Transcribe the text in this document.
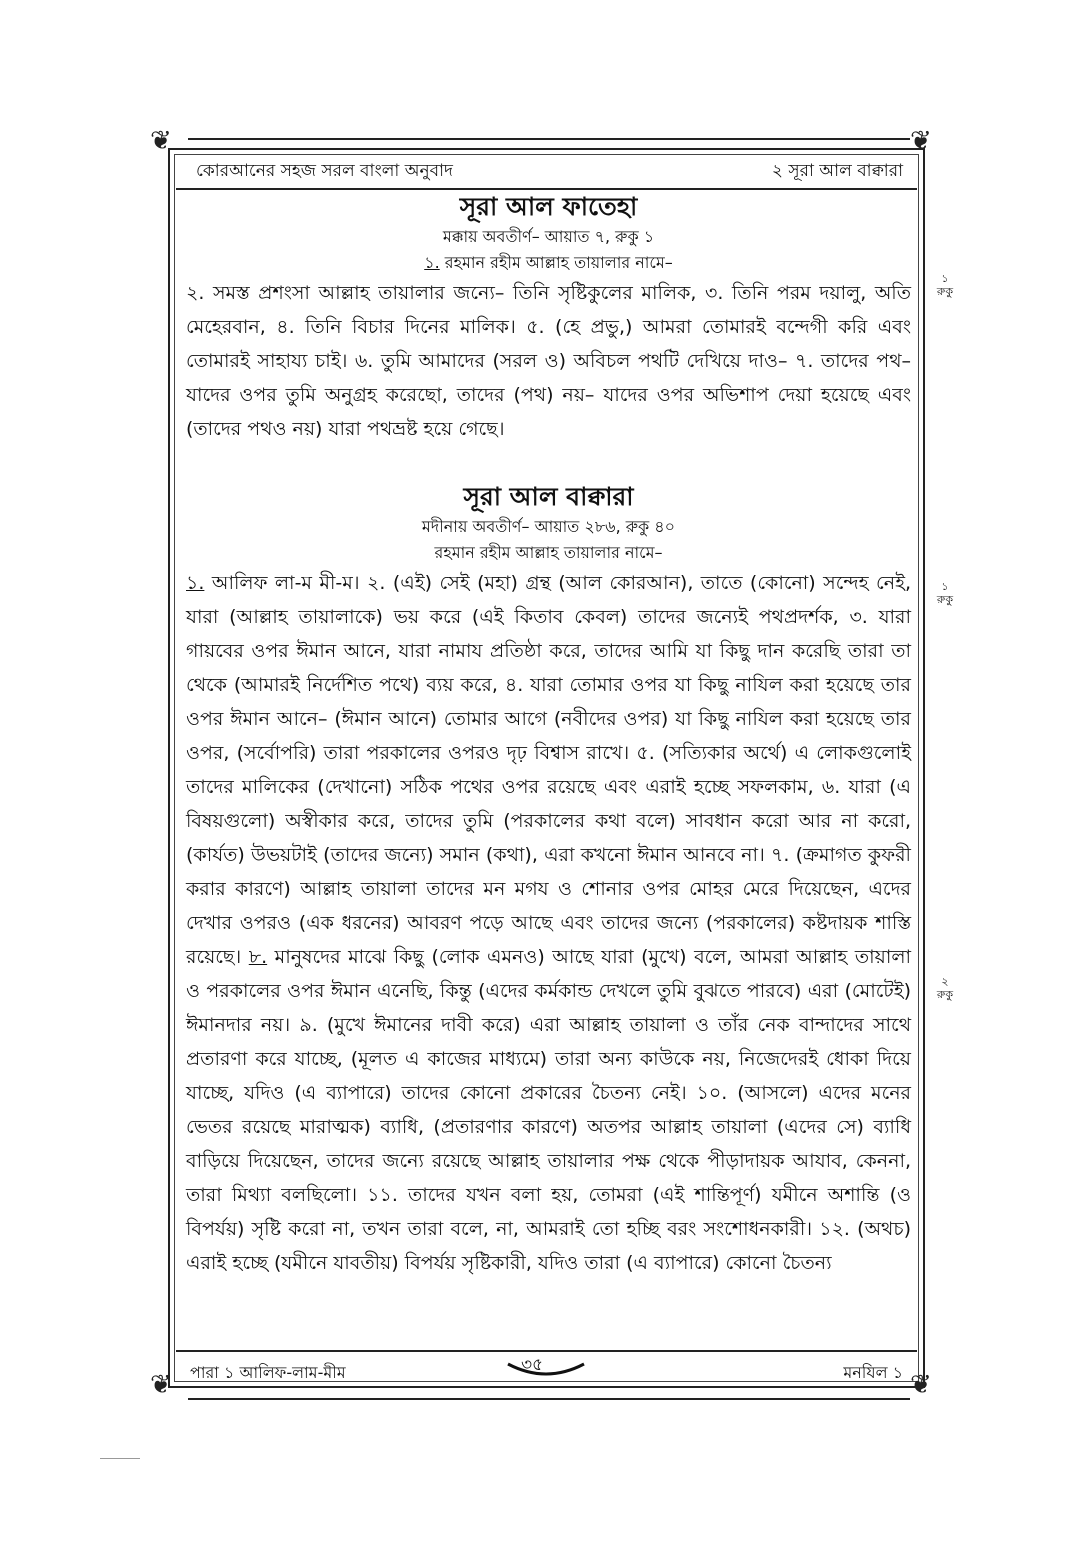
❦	❦
❦	❦
কোরআনের সহজ সরল বাংলা অনুবাদ	২ সূরা আল বাক্বারা

সূরা আল ফাতেহা

মক্কায় অবতীর্ণ– আয়াত ৭, রুকু ১

১. রহমান রহীম আল্লাহ তায়ালার নামে–

২. সমস্ত প্রশংসা আল্লাহ তায়ালার জন্যে– তিনি সৃষ্টিকুলের মালিক, ৩. তিনি পরম দয়ালু, অতি মেহেরবান, ৪. তিনি বিচার দিনের মালিক। ৫. (হে প্রভু,) আমরা তোমারই বন্দেগী করি এবং তোমারই সাহায্য চাই। ৬. তুমি আমাদের (সরল ও) অবিচল পথটি দেখিয়ে দাও– ৭. তাদের পথ– যাদের ওপর তুমি অনুগ্রহ করেছো, তাদের (পথ) নয়– যাদের ওপর অভিশাপ দেয়া হয়েছে এবং (তাদের পথও নয়) যারা পথভ্রষ্ট হয়ে গেছে।

সূরা আল বাক্বারা

মদীনায় অবতীর্ণ– আয়াত ২৮৬, রুকু ৪০

রহমান রহীম আল্লাহ তায়ালার নামে–

১. আলিফ লা-ম মী-ম। ২. (এই) সেই (মহা) গ্রন্থ (আল কোরআন), তাতে (কোনো) সন্দেহ নেই, যারা (আল্লাহ তায়ালাকে) ভয় করে (এই কিতাব কেবল) তাদের জন্যেই পথপ্রদর্শক, ৩. যারা গায়বের ওপর ঈমান আনে, যারা নামায প্রতিষ্ঠা করে, তাদের আমি যা কিছু দান করেছি তারা তা থেকে (আমারই নির্দেশিত পথে) ব্যয় করে, ৪. যারা তোমার ওপর যা কিছু নাযিল করা হয়েছে তার ওপর ঈমান আনে– (ঈমান আনে) তোমার আগে (নবীদের ওপর) যা কিছু নাযিল করা হয়েছে তার ওপর, (সর্বোপরি) তারা পরকালের ওপরও দৃঢ় বিশ্বাস রাখে। ৫. (সত্যিকার অর্থে) এ লোকগুলোই তাদের মালিকের (দেখানো) সঠিক পথের ওপর রয়েছে এবং এরাই হচ্ছে সফলকাম, ৬. যারা (এ বিষয়গুলো) অস্বীকার করে, তাদের তুমি (পরকালের কথা বলে) সাবধান করো আর না করো, (কার্যত) উভয়টাই (তাদের জন্যে) সমান (কথা), এরা কখনো ঈমান আনবে না। ৭. (ক্রমাগত কুফরী করার কারণে) আল্লাহ তায়ালা তাদের মন মগয ও শোনার ওপর মোহর মেরে দিয়েছেন, এদের দেখার ওপরও (এক ধরনের) আবরণ পড়ে আছে এবং তাদের জন্যে (পরকালের) কষ্টদায়ক শাস্তি রয়েছে। ৮. মানুষদের মাঝে কিছু (লোক এমনও) আছে যারা (মুখে) বলে, আমরা আল্লাহ তায়ালা ও পরকালের ওপর ঈমান এনেছি, কিন্তু (এদের কর্মকান্ড দেখলে তুমি বুঝতে পারবে) এরা (মোটেই) ঈমানদার নয়। ৯. (মুখে ঈমানের দাবী করে) এরা আল্লাহ তায়ালা ও তাঁর নেক বান্দাদের সাথে প্রতারণা করে যাচ্ছে, (মূলত এ কাজের মাধ্যমে) তারা অন্য কাউকে নয়, নিজেদেরই ধোকা দিয়ে যাচ্ছে, যদিও (এ ব্যাপারে) তাদের কোনো প্রকারের চৈতন্য নেই। ১০. (আসলে) এদের মনের ভেতর রয়েছে মারাত্মক) ব্যাধি, (প্রতারণার কারণে) অতপর আল্লাহ তায়ালা (এদের সে) ব্যাধি বাড়িয়ে দিয়েছেন, তাদের জন্যে রয়েছে আল্লাহ তায়ালার পক্ষ থেকে পীড়াদায়ক আযাব, কেননা, তারা মিথ্যা বলছিলো। ১১. তাদের যখন বলা হয়, তোমরা (এই শান্তিপূর্ণ) যমীনে অশান্তি (ও বিপর্যয়) সৃষ্টি করো না, তখন তারা বলে, না, আমরাই তো হচ্ছি বরং সংশোধনকারী। ১২. (অথচ) এরাই হচ্ছে (যমীনে যাবতীয়) বিপর্যয় সৃষ্টিকারী, যদিও তারা (এ ব্যাপারে) কোনো চৈতন্য

১
রুকু
১
রুকু
২
রুকু
পারা ১ আলিফ-লাম-মীম	৩৫	মনযিল ১
